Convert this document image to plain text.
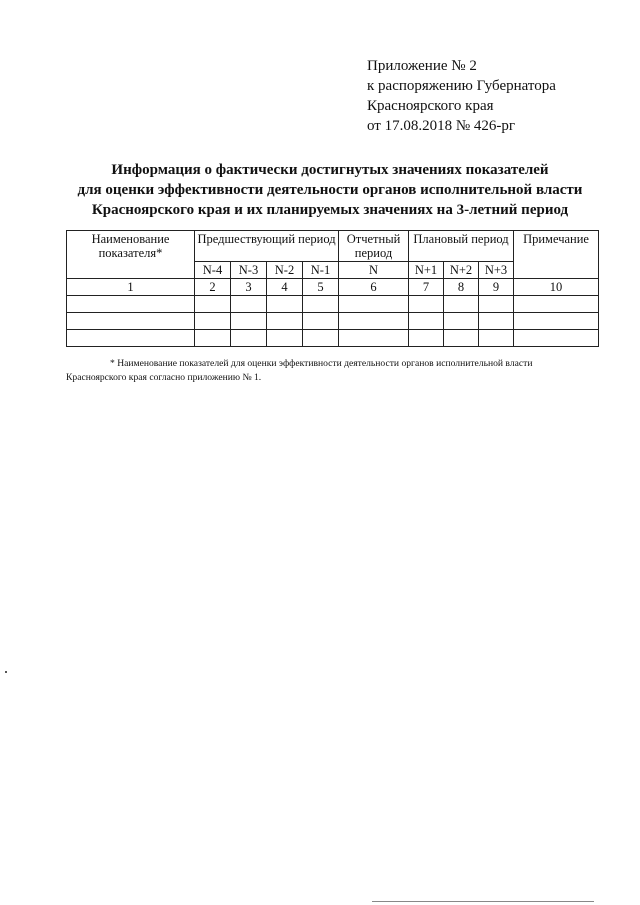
Приложение № 2
к распоряжению Губернатора
Красноярского края
от 17.08.2018 № 426-рг
Информация о фактически достигнутых значениях показателей
для оценки эффективности деятельности органов исполнительной власти
Красноярского края и их планируемых значениях на 3-летний период
Наименование показателя*	Предшествующий период				Отчетный период	Плановый период			Примечание
	N-4	N-3	N-2	N-1	N	N+1	N+2	N+3	
1	2	3	4	5	6	7	8	9	10

* Наименование показателей для оценки эффективности деятельности органов исполнительной власти
Красноярского края согласно приложению № 1.
